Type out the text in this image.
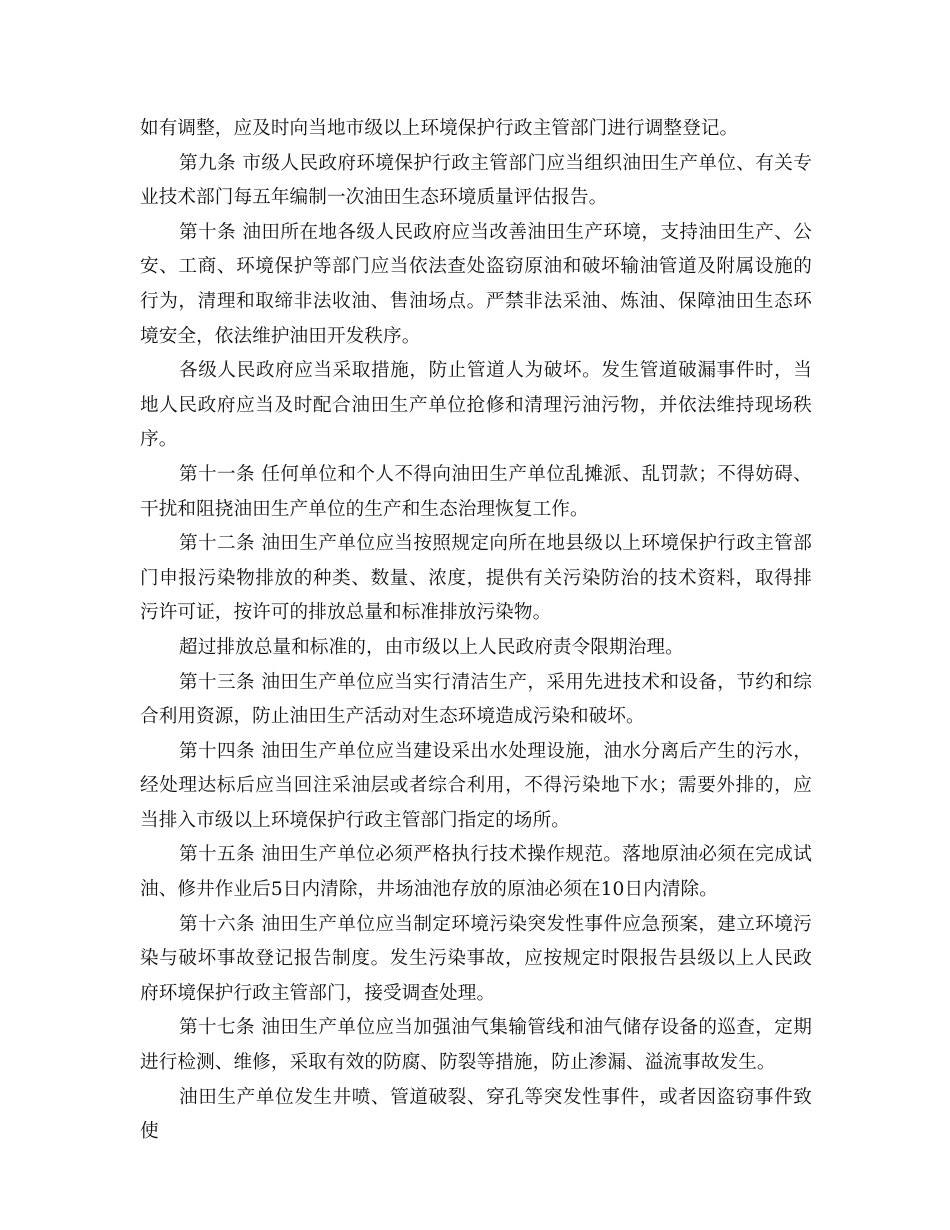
如有调整，应及时向当地市级以上环境保护行政主管部门进行调整登记。

第九条 市级人民政府环境保护行政主管部门应当组织油田生产单位、有关专业技术部门每五年编制一次油田生态环境质量评估报告。

第十条 油田所在地各级人民政府应当改善油田生产环境，支持油田生产、公安、工商、环境保护等部门应当依法查处盗窃原油和破坏输油管道及附属设施的行为，清理和取缔非法收油、售油场点。严禁非法采油、炼油、保障油田生态环境安全，依法维护油田开发秩序。

各级人民政府应当采取措施，防止管道人为破坏。发生管道破漏事件时，当地人民政府应当及时配合油田生产单位抢修和清理污油污物，并依法维持现场秩序。

第十一条 任何单位和个人不得向油田生产单位乱摊派、乱罚款；不得妨碍、干扰和阻挠油田生产单位的生产和生态治理恢复工作。

第十二条 油田生产单位应当按照规定向所在地县级以上环境保护行政主管部门申报污染物排放的种类、数量、浓度，提供有关污染防治的技术资料，取得排污许可证，按许可的排放总量和标准排放污染物。

超过排放总量和标准的，由市级以上人民政府责令限期治理。

第十三条 油田生产单位应当实行清洁生产，采用先进技术和设备，节约和综合利用资源，防止油田生产活动对生态环境造成污染和破坏。

第十四条 油田生产单位应当建设采出水处理设施，油水分离后产生的污水，经处理达标后应当回注采油层或者综合利用，不得污染地下水；需要外排的，应当排入市级以上环境保护行政主管部门指定的场所。

第十五条 油田生产单位必须严格执行技术操作规范。落地原油必须在完成试油、修井作业后5日内清除，井场油池存放的原油必须在10日内清除。

第十六条 油田生产单位应当制定环境污染突发性事件应急预案，建立环境污染与破坏事故登记报告制度。发生污染事故，应按规定时限报告县级以上人民政府环境保护行政主管部门，接受调查处理。

第十七条 油田生产单位应当加强油气集输管线和油气储存设备的巡查，定期进行检测、维修，采取有效的防腐、防裂等措施，防止渗漏、溢流事故发生。

油田生产单位发生井喷、管道破裂、穿孔等突发性事件，或者因盗窃事件致使
